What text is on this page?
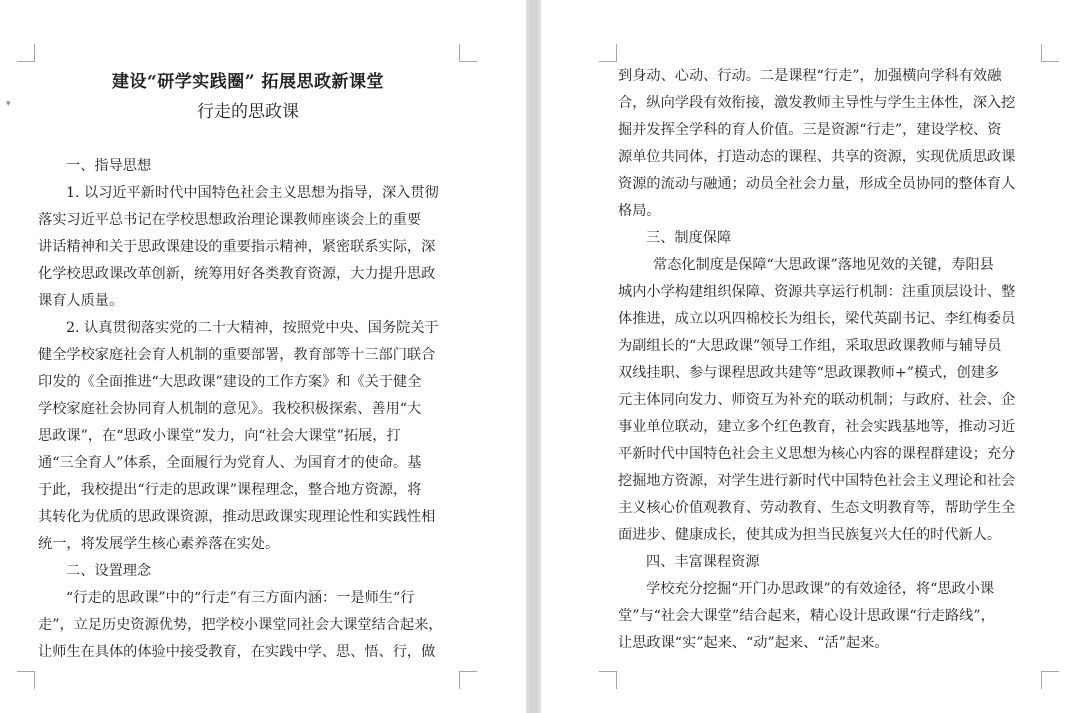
▾
建设“研学实践圈” 拓展思政新课堂
行走的思政课
一、指导思想
1. 以习近平新时代中国特色社会主义思想为指导，深入贯彻
落实习近平总书记在学校思想政治理论课教师座谈会上的重要
讲话精神和关于思政课建设的重要指示精神，紧密联系实际，深
化学校思政课改革创新，统筹用好各类教育资源，大力提升思政
课育人质量。
2. 认真贯彻落实党的二十大精神，按照党中央、国务院关于
健全学校家庭社会育人机制的重要部署，教育部等十三部门联合
印发的《全面推进“大思政课”建设的工作方案》和《关于健全
学校家庭社会协同育人机制的意见》。我校积极探索、善用“大
思政课”，在“思政小课堂”发力，向“社会大课堂”拓展，打
通“三全育人”体系，全面履行为党育人、为国育才的使命。基
于此，我校提出“行走的思政课”课程理念，整合地方资源，将
其转化为优质的思政课资源，推动思政课实现理论性和实践性相
统一，将发展学生核心素养落在实处。
二、设置理念
“行走的思政课”中的“行走”有三方面内涵：一是师生“行
走”，立足历史资源优势，把学校小课堂同社会大课堂结合起来，
让师生在具体的体验中接受教育，在实践中学、思、悟、行，做
到身动、心动、行动。二是课程“行走”，加强横向学科有效融
合，纵向学段有效衔接，激发教师主导性与学生主体性，深入挖
掘并发挥全学科的育人价值。三是资源“行走”，建设学校、资
源单位共同体，打造动态的课程、共享的资源，实现优质思政课
资源的流动与融通；动员全社会力量，形成全员协同的整体育人
格局。
三、制度保障
常态化制度是保障“大思政课”落地见效的关键，寿阳县
城内小学构建组织保障、资源共享运行机制：注重顶层设计、整
体推进，成立以巩四棉校长为组长，梁代英副书记、李红梅委员
为副组长的“大思政课”领导工作组，采取思政课教师与辅导员
双线挂职、参与课程思政共建等“思政课教师+”模式，创建多
元主体同向发力、师资互为补充的联动机制；与政府、社会、企
事业单位联动，建立多个红色教育，社会实践基地等，推动习近
平新时代中国特色社会主义思想为核心内容的课程群建设；充分
挖掘地方资源，对学生进行新时代中国特色社会主义理论和社会
主义核心价值观教育、劳动教育、生态文明教育等，帮助学生全
面进步、健康成长，使其成为担当民族复兴大任的时代新人。
四、丰富课程资源
学校充分挖掘“开门办思政课”的有效途径，将“思政小课
堂”与“社会大课堂”结合起来，精心设计思政课“行走路线”，
让思政课“实”起来、“动”起来、“活”起来。
